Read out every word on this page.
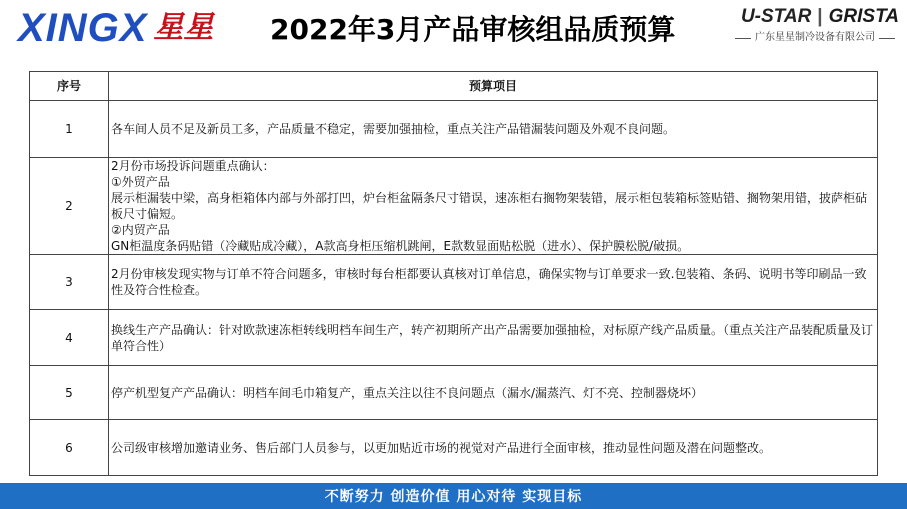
XINGX 星星 2022年3月产品审核组品质预算	U-STAR | GRISTA
广东星星制冷设备有限公司
序号	预算项目
1	各车间人员不足及新员工多，产品质量不稳定，需要加强抽检，重点关注产品错漏装问题及外观不良问题。

2	2月份市场投诉问题重点确认：
①外贸产品
展示柜漏装中梁，高身柜箱体内部与外部打凹，炉台柜盆隔条尺寸错误，速冻柜右搁物架装错，展示柜包装箱标签贴错、搁物架用错，披萨柜砧板尺寸偏短。
②内贸产品
GN柜温度条码贴错（冷藏贴成冷藏），A款高身柜压缩机跳闸，E款数显面贴松脱（进水）、保护膜松脱/破损。

3	2月份审核发现实物与订单不符合问题多，审核时每台柜都要认真核对订单信息，确保实物与订单要求一致.包装箱、条码、说明书等印刷品一致性及符合性检查。

4	换线生产产品确认：针对欧款速冻柜转线明档车间生产，转产初期所产出产品需要加强抽检，对标原产线产品质量。（重点关注产品装配质量及订单符合性）

5	停产机型复产产品确认：明档车间毛巾箱复产，重点关注以往不良问题点（漏水/漏蒸汽、灯不亮、控制器烧坏）

6	公司级审核增加邀请业务、售后部门人员参与，以更加贴近市场的视觉对产品进行全面审核，推动显性问题及潜在问题整改。
不断努力 创造价值 用心对待 实现目标
